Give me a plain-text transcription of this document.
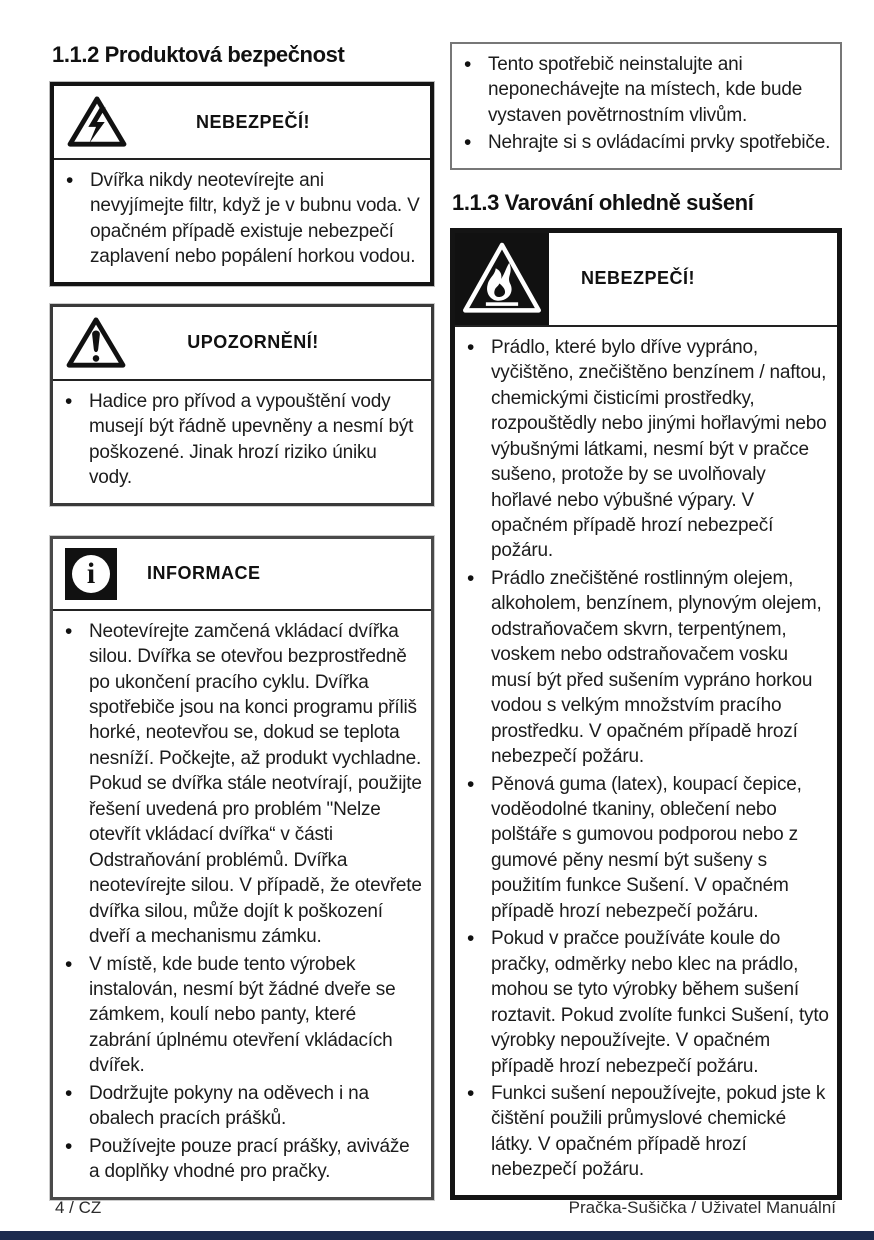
1.1.2 Produktová bezpečnost
NEBEZPEČÍ!
• Dvířka nikdy neotevírejte ani nevyjímejte filtr, když je v bubnu voda. V opačném případě existuje nebezpečí zaplavení nebo popálení horkou vodou.
UPOZORNĚNÍ!
• Hadice pro přívod a vypouštění vody musejí být řádně upevněny a nesmí být poškozené. Jinak hrozí riziko úniku vody.
i	INFORMACE
• Neotevírejte zamčená vkládací dvířka silou. Dvířka se otevřou bezprostředně po ukončení pracího cyklu. Dvířka spotřebiče jsou na konci programu příliš horké, neotevřou se, dokud se teplota nesníží. Počkejte, až produkt vychladne. Pokud se dvířka stále neotvírají, použijte řešení uvedená pro problém "Nelze otevřít vkládací dvířka“ v části Odstraňování problémů. Dvířka neotevírejte silou. V případě, že otevřete dvířka silou, může dojít k poškození dveří a mechanismu zámku.
• V místě, kde bude tento výrobek instalován, nesmí být žádné dveře se zámkem, koulí nebo panty, které zabrání úplnému otevření vkládacích dvířek.
• Dodržujte pokyny na oděvech i na obalech pracích prášků.
• Používejte pouze prací prášky, aviváže a doplňky vhodné pro pračky.
• Tento spotřebič neinstalujte ani neponechávejte na místech, kde bude vystaven povětrnostním vlivům.
• Nehrajte si s ovládacími prvky spotřebiče.
1.1.3 Varování ohledně sušení
NEBEZPEČÍ!
• Prádlo, které bylo dříve vypráno, vyčištěno, znečištěno benzínem / naftou, chemickými čisticími prostředky, rozpouštědly nebo jinými hořlavými nebo výbušnými látkami, nesmí být v pračce sušeno, protože by se uvolňovaly hořlavé nebo výbušné výpary. V opačném případě hrozí nebezpečí požáru.
• Prádlo znečištěné rostlinným olejem, alkoholem, benzínem, plynovým olejem, odstraňovačem skvrn, terpentýnem, voskem nebo odstraňovačem vosku musí být před sušením vypráno horkou vodou s velkým množstvím pracího prostředku. V opačném případě hrozí nebezpečí požáru.
• Pěnová guma (latex), koupací čepice, voděodolné tkaniny, oblečení nebo polštáře s gumovou podporou nebo z gumové pěny nesmí být sušeny s použitím funkce Sušení. V opačném případě hrozí nebezpečí požáru.
• Pokud v pračce používáte koule do pračky, odměrky nebo klec na prádlo, mohou se tyto výrobky během sušení roztavit. Pokud zvolíte funkci Sušení, tyto výrobky nepoužívejte. V opačném případě hrozí nebezpečí požáru.
• Funkci sušení nepoužívejte, pokud jste k čištění použili průmyslové chemické látky. V opačném případě hrozí nebezpečí požáru.
4 / CZ	Pračka-Sušička / Uživatel Manuální
